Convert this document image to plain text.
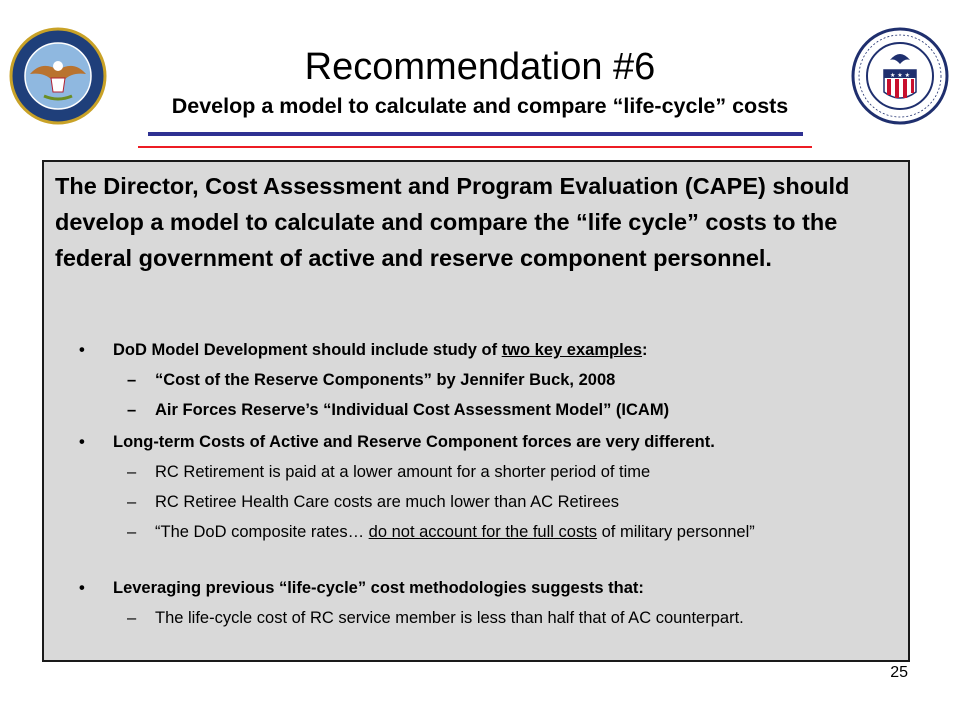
★ ★ ★
Recommendation #6
Develop a model to calculate and compare “life-cycle” costs
The Director, Cost Assessment and Program Evaluation (CAPE) should develop a model to calculate and compare the “life cycle” costs to the federal government of active and reserve component personnel.
• DoD Model Development should include study of two key examples:
– “Cost of the Reserve Components” by Jennifer Buck, 2008
– Air Forces Reserve’s “Individual Cost Assessment Model” (ICAM)
• Long-term Costs of Active and Reserve Component forces are very different.
– RC Retirement is paid at a lower amount for a shorter period of time
– RC Retiree Health Care costs are much lower than AC Retirees
– “The DoD composite rates… do not account for the full costs of military personnel”
• Leveraging previous “life-cycle” cost methodologies suggests that:
– The life-cycle cost of RC service member is less than half that of AC counterpart.
25
